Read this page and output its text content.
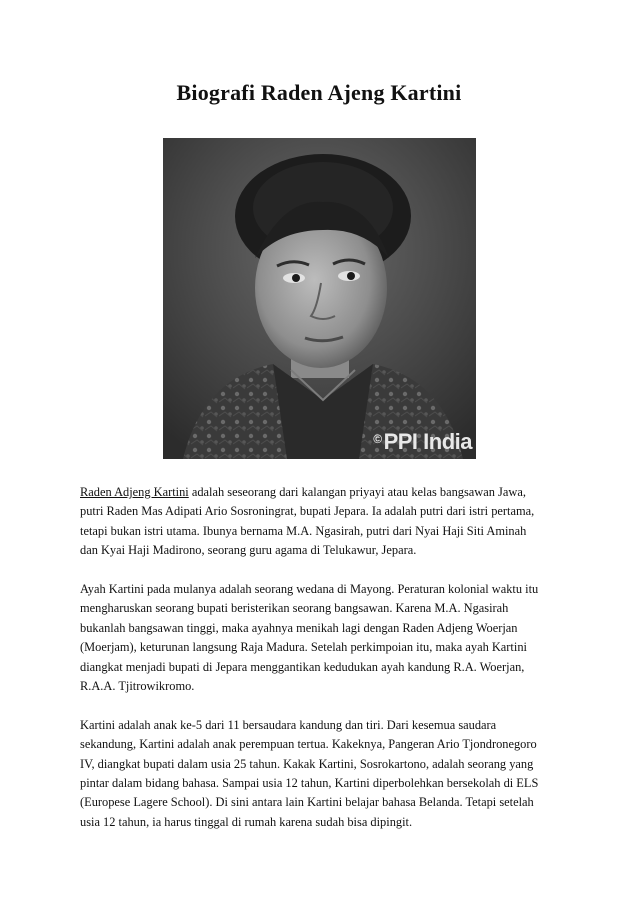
Biografi Raden Ajeng Kartini
©PPI India
Raden Adjeng Kartini adalah seseorang dari kalangan priyayi atau kelas bangsawan Jawa,
putri Raden Mas Adipati Ario Sosroningrat, bupati Jepara. Ia adalah putri dari istri pertama,
tetapi bukan istri utama. Ibunya bernama M.A. Ngasirah, putri dari Nyai Haji Siti Aminah
dan Kyai Haji Madirono, seorang guru agama di Telukawur, Jepara.
Ayah Kartini pada mulanya adalah seorang wedana di Mayong. Peraturan kolonial waktu itu
mengharuskan seorang bupati beristerikan seorang bangsawan. Karena M.A. Ngasirah
bukanlah bangsawan tinggi, maka ayahnya menikah lagi dengan Raden Adjeng Woerjan
(Moerjam), keturunan langsung Raja Madura. Setelah perkimpoian itu, maka ayah Kartini
diangkat menjadi bupati di Jepara menggantikan kedudukan ayah kandung R.A. Woerjan,
R.A.A. Tjitrowikromo.
Kartini adalah anak ke-5 dari 11 bersaudara kandung dan tiri. Dari kesemua saudara
sekandung, Kartini adalah anak perempuan tertua. Kakeknya, Pangeran Ario Tjondronegoro
IV, diangkat bupati dalam usia 25 tahun. Kakak Kartini, Sosrokartono, adalah seorang yang
pintar dalam bidang bahasa. Sampai usia 12 tahun, Kartini diperbolehkan bersekolah di ELS
(Europese Lagere School). Di sini antara lain Kartini belajar bahasa Belanda. Tetapi setelah
usia 12 tahun, ia harus tinggal di rumah karena sudah bisa dipingit.
